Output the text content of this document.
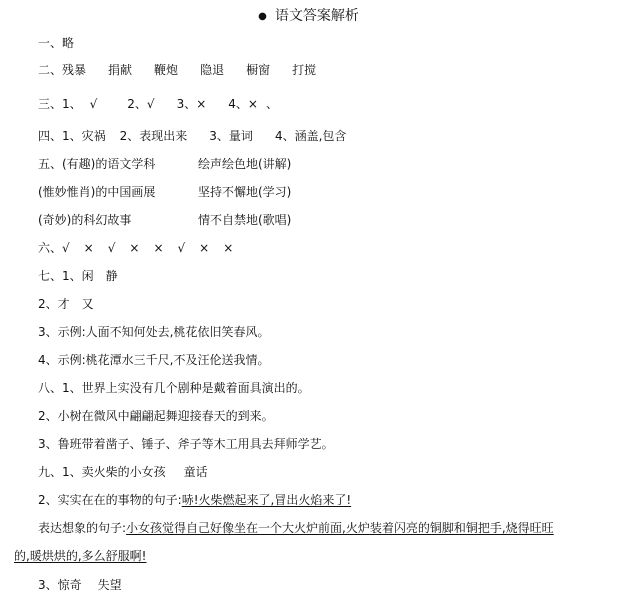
● 语文答案解析
一、略
二、残暴 捐献 鞭炮 隐退 橱窗 打搅
三、1、 √	2、√ 3、× 4、× 、
四、1、灾祸 2、表现出来 3、量词 4、涵盖,包含
五、(有趣)的语文学科	绘声绘色地(讲解)
(惟妙惟肖)的中国画展	坚持不懈地(学习)
(奇妙)的科幻故事	情不自禁地(歌唱)
六、√ × √ × × √ × ×
七、1、闲 静
2、才 又
3、示例:人面不知何处去,桃花依旧笑春风。
4、示例:桃花潭水三千尺,不及汪伦送我情。
八、1、世界上实没有几个剧种是戴着面具演出的。
2、小树在微风中翩翩起舞迎接春天的到来。
3、鲁班带着凿子、锤子、斧子等木工用具去拜师学艺。
九、1、卖火柴的小女孩 童话
2、实实在在的事物的句子:哧!火柴燃起来了,冒出火焰来了!
表达想象的句子:小女孩觉得自己好像坐在一个大火炉前面,火炉装着闪亮的铜脚和铜把手,烧得旺旺
的,暖烘烘的,多么舒服啊!
3、惊奇 失望
